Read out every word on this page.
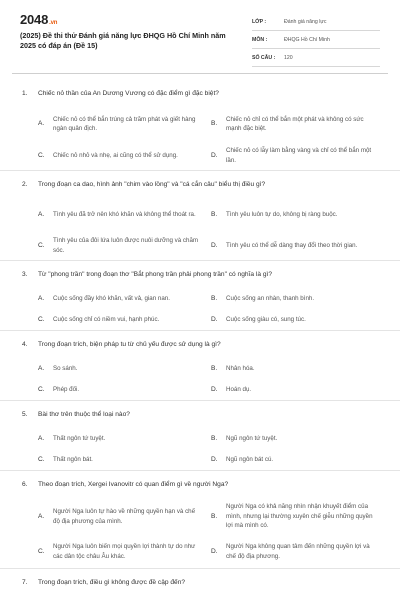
2048.vn
(2025) Đề thi thử Đánh giá năng lực ĐHQG Hồ Chí Minh năm 2025 có đáp án (Đề 15)
LỚP :	Đánh giá năng lực
MÔN :	ĐHQG Hồ Chí Minh
SỐ CÂU :	120
1.	Chiếc nỏ thần của An Dương Vương có đặc điểm gì đặc biệt?
A.
Chiếc nỏ có thể bắn trúng cả trăm phát và giết hàng ngàn quân địch.
B.
Chiếc nỏ chỉ có thể bắn một phát và không có sức mạnh đặc biệt.
C.	Chiếc nỏ nhỏ và nhẹ, ai cũng có thể sử dụng.	D.
Chiếc nỏ có lẫy làm bằng vàng và chỉ có thể bắn một lần.
2.	Trong đoạn ca dao, hình ảnh "chim vào lồng" và "cá cắn câu" biểu thị điều gì?
A.	Tình yêu đã trở nên khó khăn và không thể thoát ra.	B.	Tình yêu luôn tự do, không bị ràng buộc.
C.
Tình yêu của đôi lứa luôn được nuôi dưỡng và chăm sóc.
D.	Tình yêu có thể dễ dàng thay đổi theo thời gian.
3.	Từ "phong trần" trong đoạn thơ "Bắt phong trần phải phong trần" có nghĩa là gì?
A.	Cuộc sống đầy khó khăn, vất vả, gian nan.	B.	Cuộc sống an nhàn, thanh bình.
C.	Cuộc sống chỉ có niềm vui, hạnh phúc.	D.	Cuộc sống giàu có, sung túc.
4.	Trong đoạn trích, biện pháp tu từ chủ yếu được sử dụng là gì?
A.	So sánh.	B.	Nhân hóa.
C.	Phép đối.	D.	Hoán dụ.
5.	Bài thơ trên thuộc thể loại nào?
A.	Thất ngôn tứ tuyệt.	B.	Ngũ ngôn tứ tuyệt.
C.	Thất ngôn bát.	D.	Ngũ ngôn bát cú.
6.	Theo đoạn trích, Xergei Ivanovitr có quan điểm gì về người Nga?
A.
Người Nga luôn tự hào về những quyền hạn và chế độ địa phương của mình.
B.
Người Nga có khả năng nhìn nhận khuyết điểm của mình, nhưng lại thường xuyên chế giễu những quyền lợi mà mình có.
C.
Người Nga luôn biến mọi quyền lợi thành tự do như các dân tộc châu Âu khác.
D.
Người Nga không quan tâm đến những quyền lợi và chế độ địa phương.
7.	Trong đoạn trích, điều gì không được đề cập đến?
